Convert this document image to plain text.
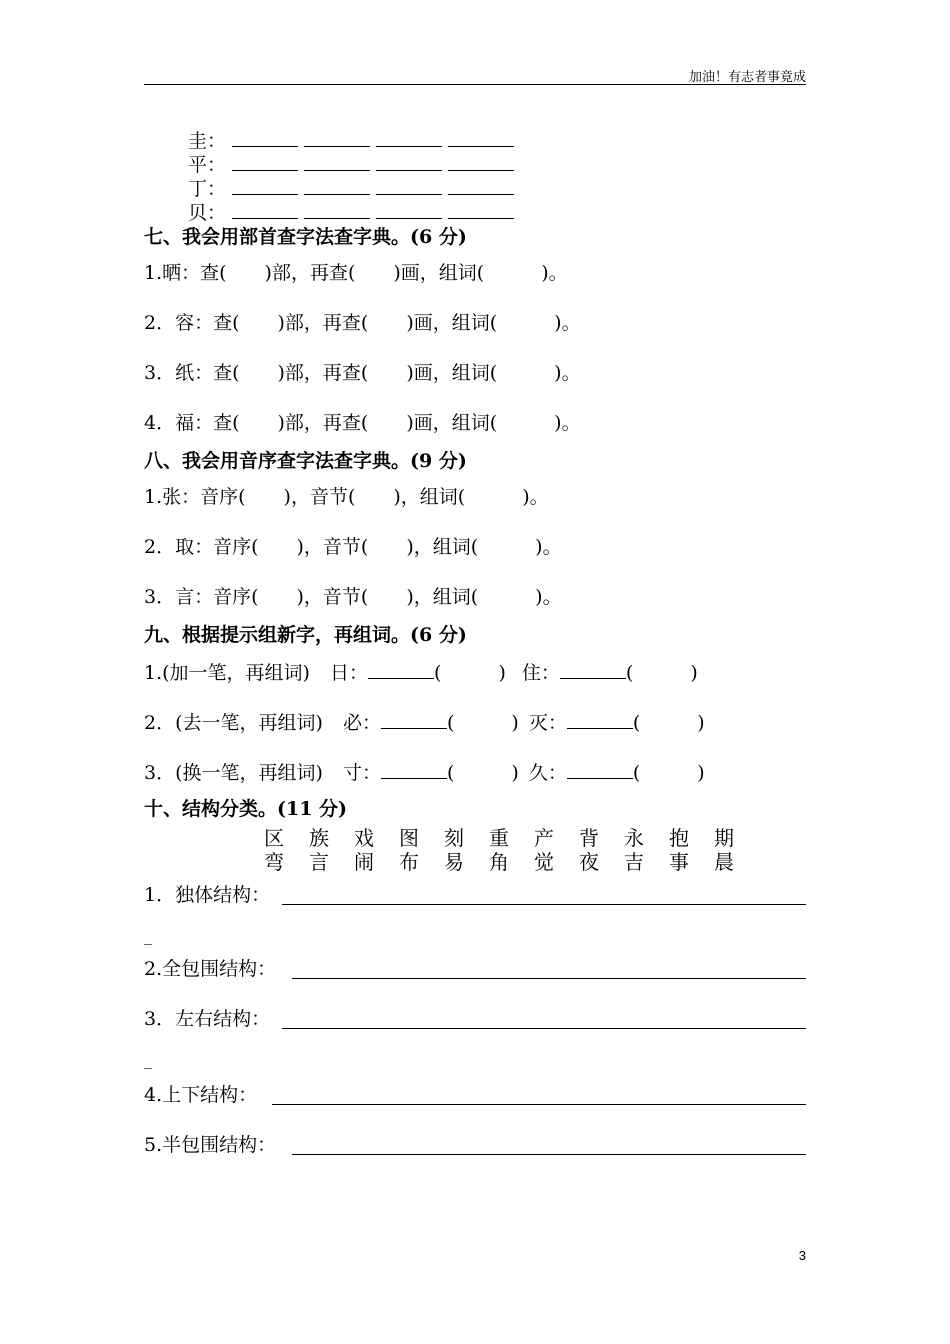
加油！有志者事竟成
圭：
平：
丁：
贝：
七、我会用部首查字法查字典。(6 分)
1.晒：查(　　)部，再查(　　)画，组词(　　　)。
2．容：查(　　)部，再查(　　)画，组词(　　　)。
3．纸：查(　　)部，再查(　　)画，组词(　　　)。
4．福：查(　　)部，再查(　　)画，组词(　　　)。
八、我会用音序查字法查字典。(9 分)
1.张：音序(　　)，音节(　　)，组词(　　　)。
2．取：音序(　　)，音节(　　)，组词(　　　)。
3．言：音序(　　)，音节(　　)，组词(　　　)。
九、根据提示组新字，再组词。(6 分)
1.(加一笔，再组词) 日：	(　　　) 住：	(　　　)
2．(去一笔，再组词) 必：	(　　　) 灭：	(　　　)
3．(换一笔，再组词) 寸：	(　　　) 久：	(　　　)
十、结构分类。(11 分)
区 族 戏 图 刻 重 产 背 永 抱 期
弯 言 闹 布 易 角 觉 夜 吉 事 晨
1．独体结构：
_
2.全包围结构：
3．左右结构：
_
4.上下结构：
5.半包围结构：
3
